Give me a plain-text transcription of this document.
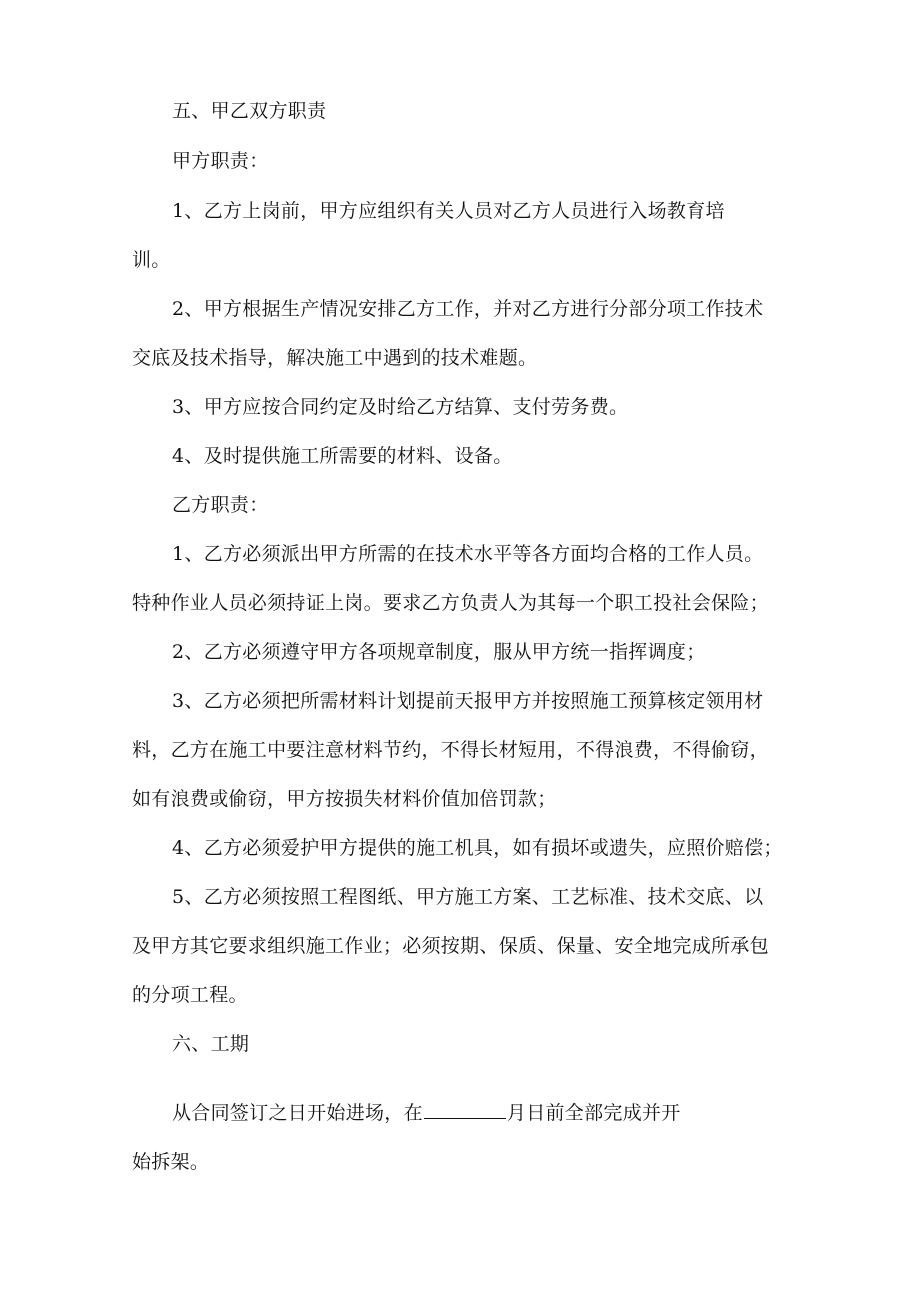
五、甲乙双方职责
甲方职责：
1、乙方上岗前，甲方应组织有关人员对乙方人员进行入场教育培
训。
2、甲方根据生产情况安排乙方工作，并对乙方进行分部分项工作技术
交底及技术指导，解决施工中遇到的技术难题。
3、甲方应按合同约定及时给乙方结算、支付劳务费。
4、及时提供施工所需要的材料、设备。
乙方职责：
1、乙方必须派出甲方所需的在技术水平等各方面均合格的工作人员。
特种作业人员必须持证上岗。要求乙方负责人为其每一个职工投社会保险；
2、乙方必须遵守甲方各项规章制度，服从甲方统一指挥调度；
3、乙方必须把所需材料计划提前天报甲方并按照施工预算核定领用材
料，乙方在施工中要注意材料节约，不得长材短用，不得浪费，不得偷窃，
如有浪费或偷窃，甲方按损失材料价值加倍罚款；
4、乙方必须爱护甲方提供的施工机具，如有损坏或遗失，应照价赔偿；
5、乙方必须按照工程图纸、甲方施工方案、工艺标准、技术交底、以
及甲方其它要求组织施工作业；必须按期、保质、保量、安全地完成所承包
的分项工程。
六、工期
从合同签订之日开始进场，在	月日前全部完成并开
始拆架。
